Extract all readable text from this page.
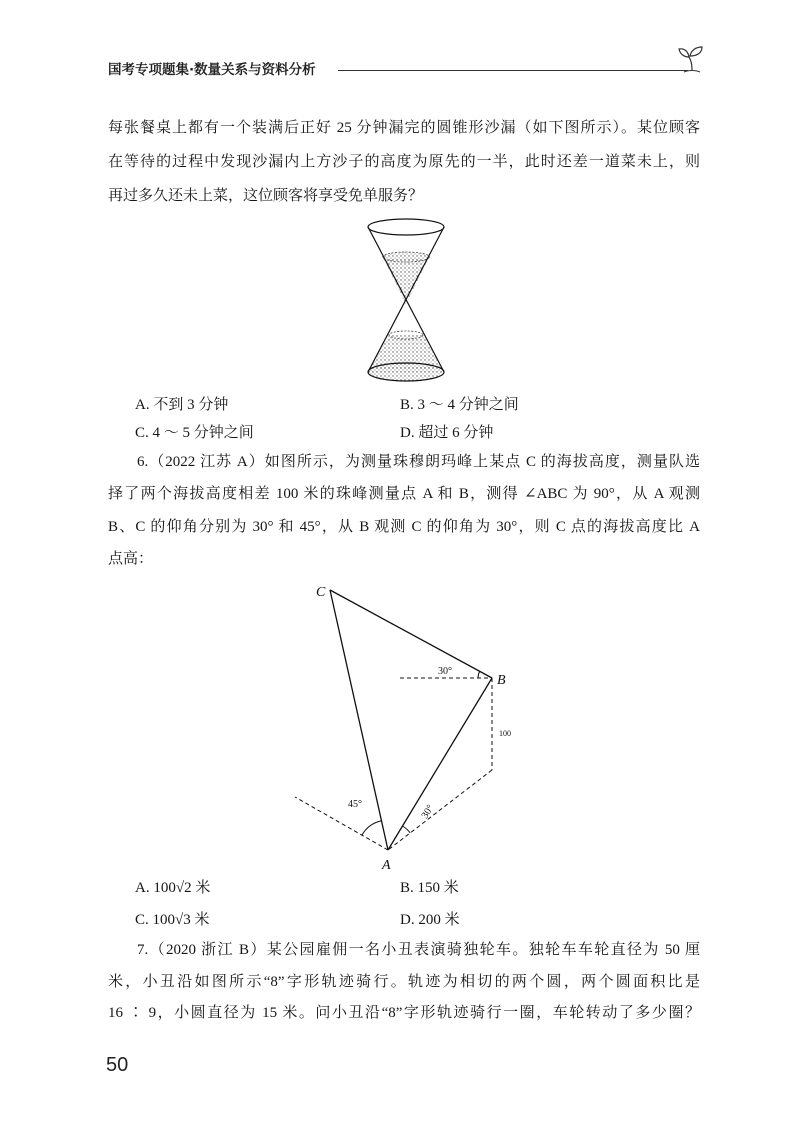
国考专项题集·数量关系与资料分析
每张餐桌上都有一个装满后正好 25 分钟漏完的圆锥形沙漏（如下图所示）。某位顾客
在等待的过程中发现沙漏内上方沙子的高度为原先的一半，此时还差一道菜未上，则
再过多久还未上菜，这位顾客将享受免单服务？
A. 不到 3 分钟	B. 3 ～ 4 分钟之间
C. 4 ～ 5 分钟之间	D. 超过 6 分钟
6.（2022 江苏 A）如图所示，为测量珠穆朗玛峰上某点 C 的海拔高度，测量队选
择了两个海拔高度相差 100 米的珠峰测量点 A 和 B，测得 ∠ABC 为 90°，从 A 观测
B、C 的仰角分别为 30° 和 45°，从 B 观测 C 的仰角为 30°，则 C 点的海拔高度比 A
点高：
C
B
A
30°
100
45°	30°
A. 100√2 米	B. 150 米
C. 100√3 米	D. 200 米
7.（2020 浙江 B）某公园雇佣一名小丑表演骑独轮车。独轮车车轮直径为 50 厘
米，小丑沿如图所示“8”字形轨迹骑行。轨迹为相切的两个圆，两个圆面积比是
16 ∶ 9，小圆直径为 15 米。问小丑沿“8”字形轨迹骑行一圈，车轮转动了多少圈？
50
